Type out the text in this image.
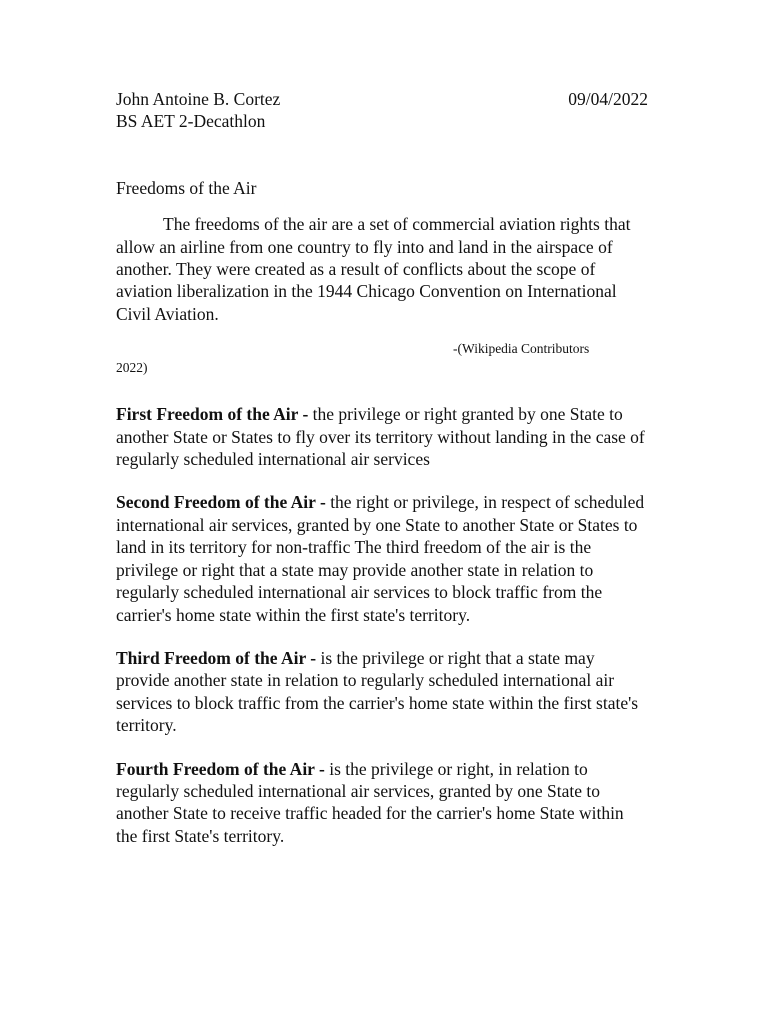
John Antoine B. Cortez	09/04/2022

BS AET 2-Decathlon

Freedoms of the Air

The freedoms of the air are a set of commercial aviation rights that allow an airline from one country to fly into and land in the airspace of another. They were created as a result of conflicts about the scope of aviation liberalization in the 1944 Chicago Convention on International Civil Aviation.

-(Wikipedia Contributors 2022)

First Freedom of the Air - the privilege or right granted by one State to another State or States to fly over its territory without landing in the case of regularly scheduled international air services

Second Freedom of the Air - the right or privilege, in respect of scheduled international air services, granted by one State to another State or States to land in its territory for non-traffic The third freedom of the air is the privilege or right that a state may provide another state in relation to regularly scheduled international air services to block traffic from the carrier's home state within the first state's territory.

Third Freedom of the Air - is the privilege or right that a state may provide another state in relation to regularly scheduled international air services to block traffic from the carrier's home state within the first state's territory.

Fourth Freedom of the Air - is the privilege or right, in relation to regularly scheduled international air services, granted by one State to another State to receive traffic headed for the carrier's home State within the first State's territory.
